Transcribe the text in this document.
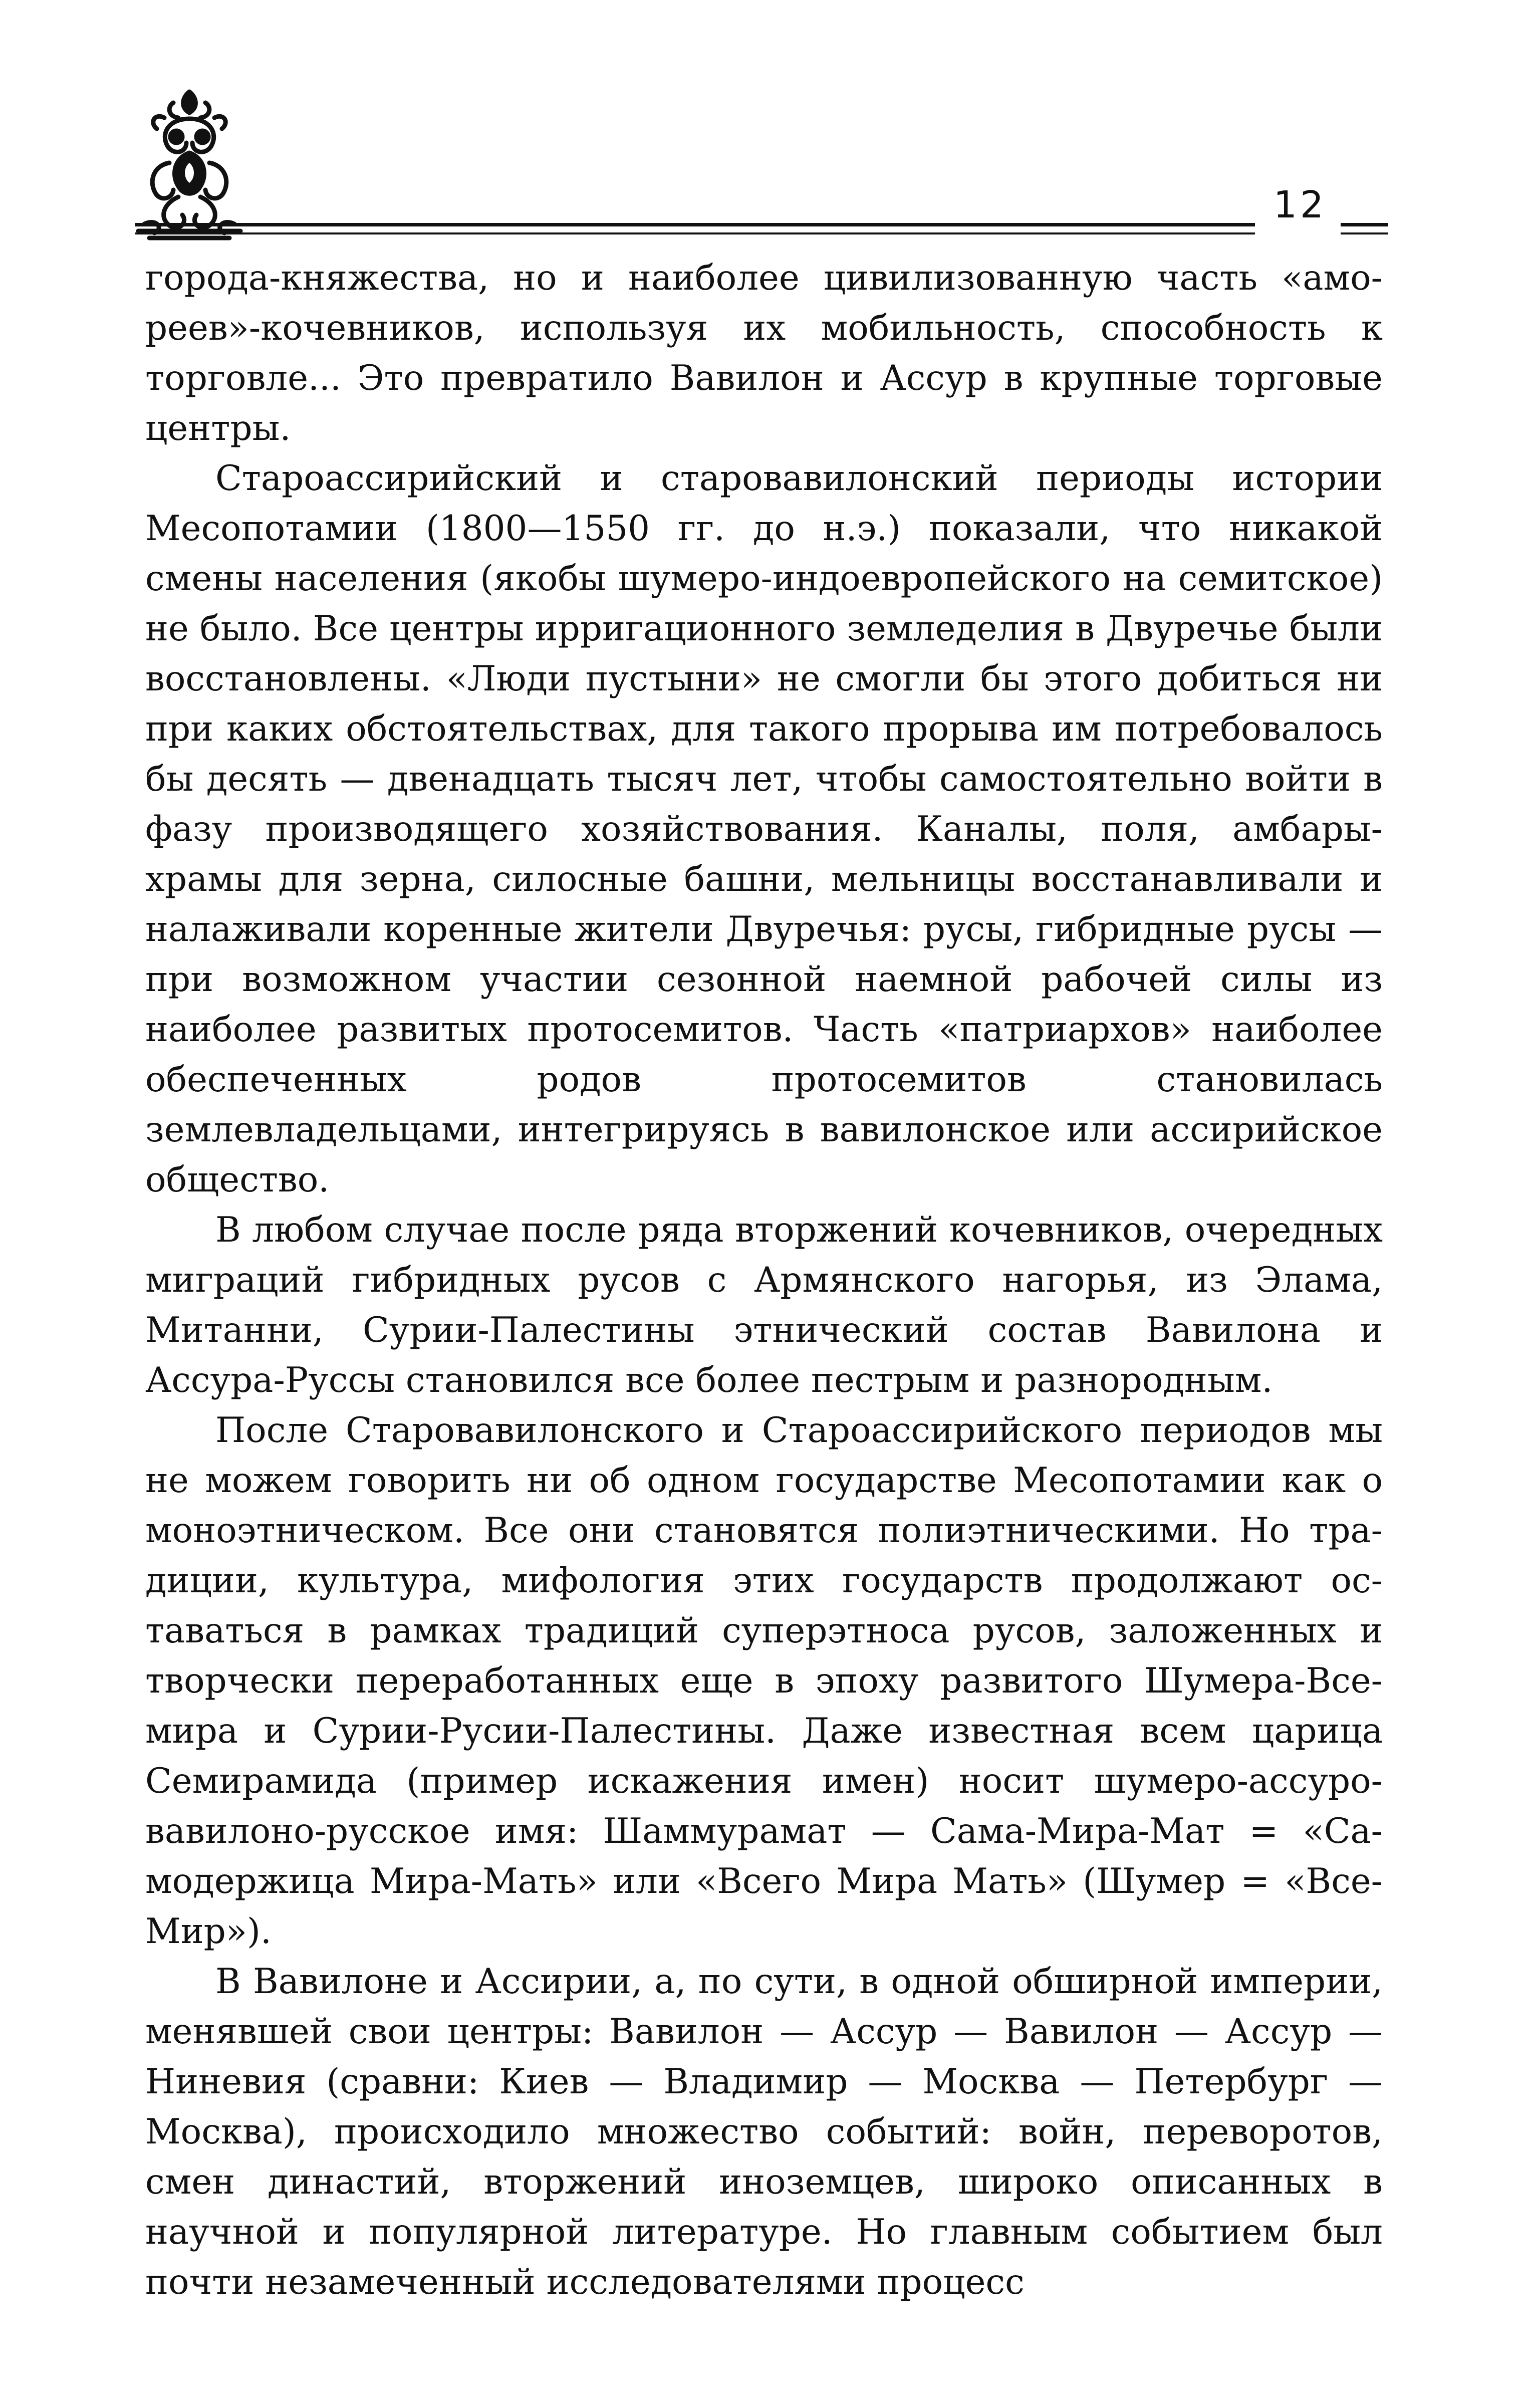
12

города-княжества, но и наиболее цивилизованную часть «амореев»-кочевников, используя их мобильность, способность к торговле... Это превратило Вавилон и Ассур в крупные торговые центры.

Староассирийский и старовавилонский периоды истории Месопотамии (1800—1550 гг. до н.э.) показали, что никакой смены населения (якобы шумеро-индоевропейского на семитское) не было. Все центры ирригационного земледелия в Двуречье были восстановлены. «Люди пустыни» не смогли бы этого добиться ни при каких обстоятельствах, для такого прорыва им потребовалось бы десять — двенадцать тысяч лет, чтобы самостоятельно войти в фазу производящего хозяйствования. Каналы, поля, амбары-храмы для зерна, силосные башни, мельницы восстанавливали и налаживали коренные жители Двуречья: русы, гибридные русы — при возможном участии сезонной наемной рабочей силы из наиболее развитых протосемитов. Часть «патриархов» наиболее обеспеченных родов протосемитов становилась землевладельцами, интегрируясь в вавилонское или ассирийское общество.

В любом случае после ряда вторжений кочевников, очередных миграций гибридных русов с Армянского нагорья, из Элама, Митанни, Сурии-Палестины этнический состав Вавилона и Ассура-Руссы становился все более пестрым и разнородным.

После Старовавилонского и Староассирийского периодов мы не можем говорить ни об одном государстве Месопотамии как о моноэтническом. Все они становятся полиэтническими. Но традиции, культура, мифология этих государств продолжают оставаться в рамках традиций суперэтноса русов, заложенных и творчески переработанных еще в эпоху развитого Шумера-Всемира и Сурии-Русии-Палестины. Даже известная всем царица Семирамида (пример искажения имен) носит шумеро-ассуровавилоно-русское имя: Шаммурамат — Сама-Мира-Мат = «Самодержица Мира-Мать» или «Всего Мира Мать» (Шумер = «ВсеМир»).

В Вавилоне и Ассирии, а, по сути, в одной обширной империи, менявшей свои центры: Вавилон — Ассур — Вавилон — Ассур — Ниневия (сравни: Киев — Владимир — Москва — Петербург — Москва), происходило множество событий: войн, переворотов, смен династий, вторжений иноземцев, широко описанных в научной и популярной литературе. Но главным событием был почти незамеченный исследователями процесс
